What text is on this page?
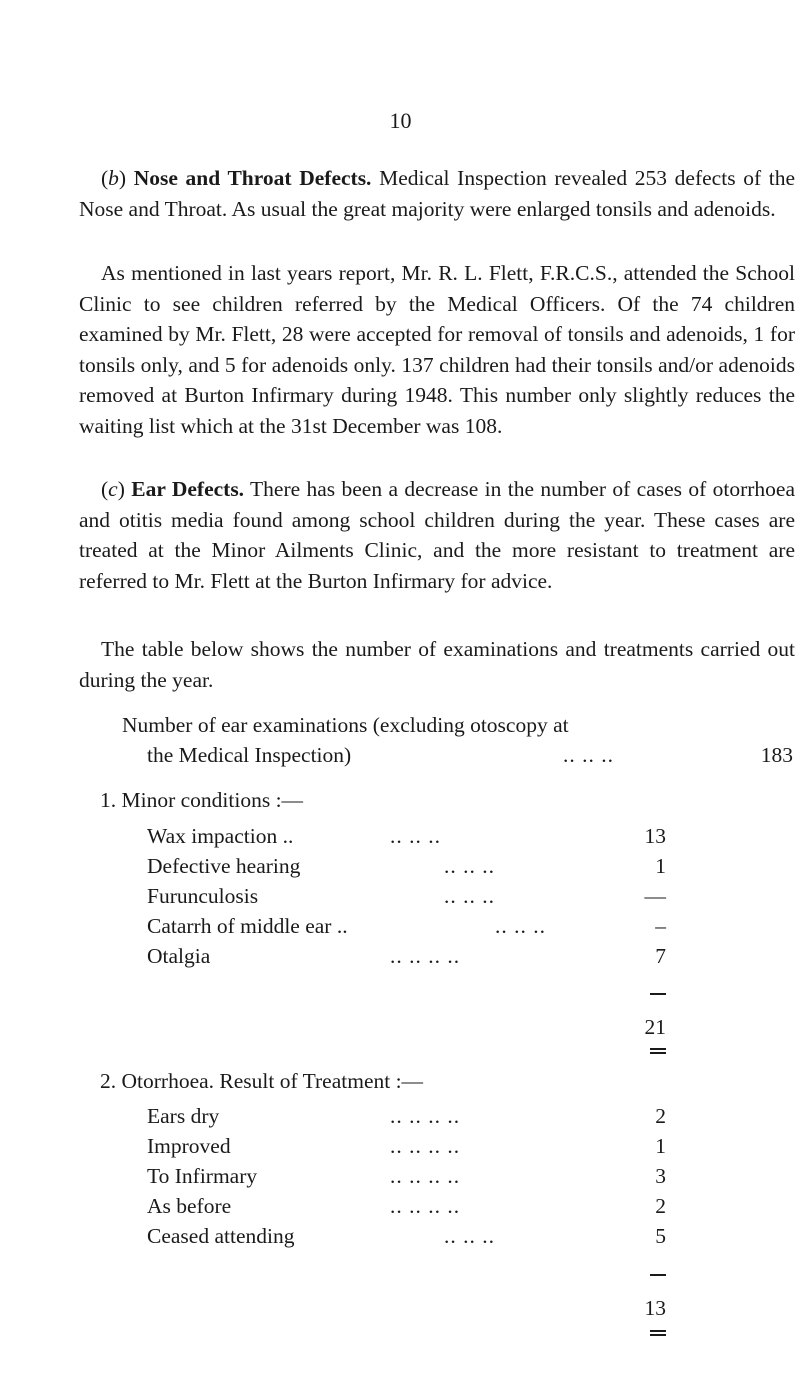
10

(b) Nose and Throat Defects. Medical Inspection revealed 253 defects of the Nose and Throat. As usual the great majority were enlarged tonsils and adenoids.

As mentioned in last years report, Mr. R. L. Flett, F.R.C.S., attended the School Clinic to see children referred by the Medical Officers. Of the 74 children examined by Mr. Flett, 28 were accepted for removal of tonsils and adenoids, 1 for tonsils only, and 5 for adenoids only. 137 children had their tonsils and/or adenoids removed at Burton Infirmary during 1948. This number only slightly reduces the waiting list which at the 31st December was 108.

(c) Ear Defects. There has been a decrease in the number of cases of otorrhoea and otitis media found among school children during the year. These cases are treated at the Minor Ailments Clinic, and the more resistant to treatment are referred to Mr. Flett at the Burton Infirmary for advice.

The table below shows the number of examinations and treatments carried out during the year.

Number of ear examinations (excluding otoscopy at
the Medical Inspection)	.. .. ..	183
1. Minor conditions :—
Wax impaction ..	.. .. ..	13
Defective hearing	.. .. ..	1
Furunculosis	.. .. ..	—
Catarrh of middle ear ..	.. .. ..	–
Otalgia	.. .. .. ..	7
21
2. Otorrhoea. Result of Treatment :—
Ears dry	.. .. .. ..	2
Improved	.. .. .. ..	1
To Infirmary	.. .. .. ..	3
As before	.. .. .. ..	2
Ceased attending	.. .. ..	5
13
